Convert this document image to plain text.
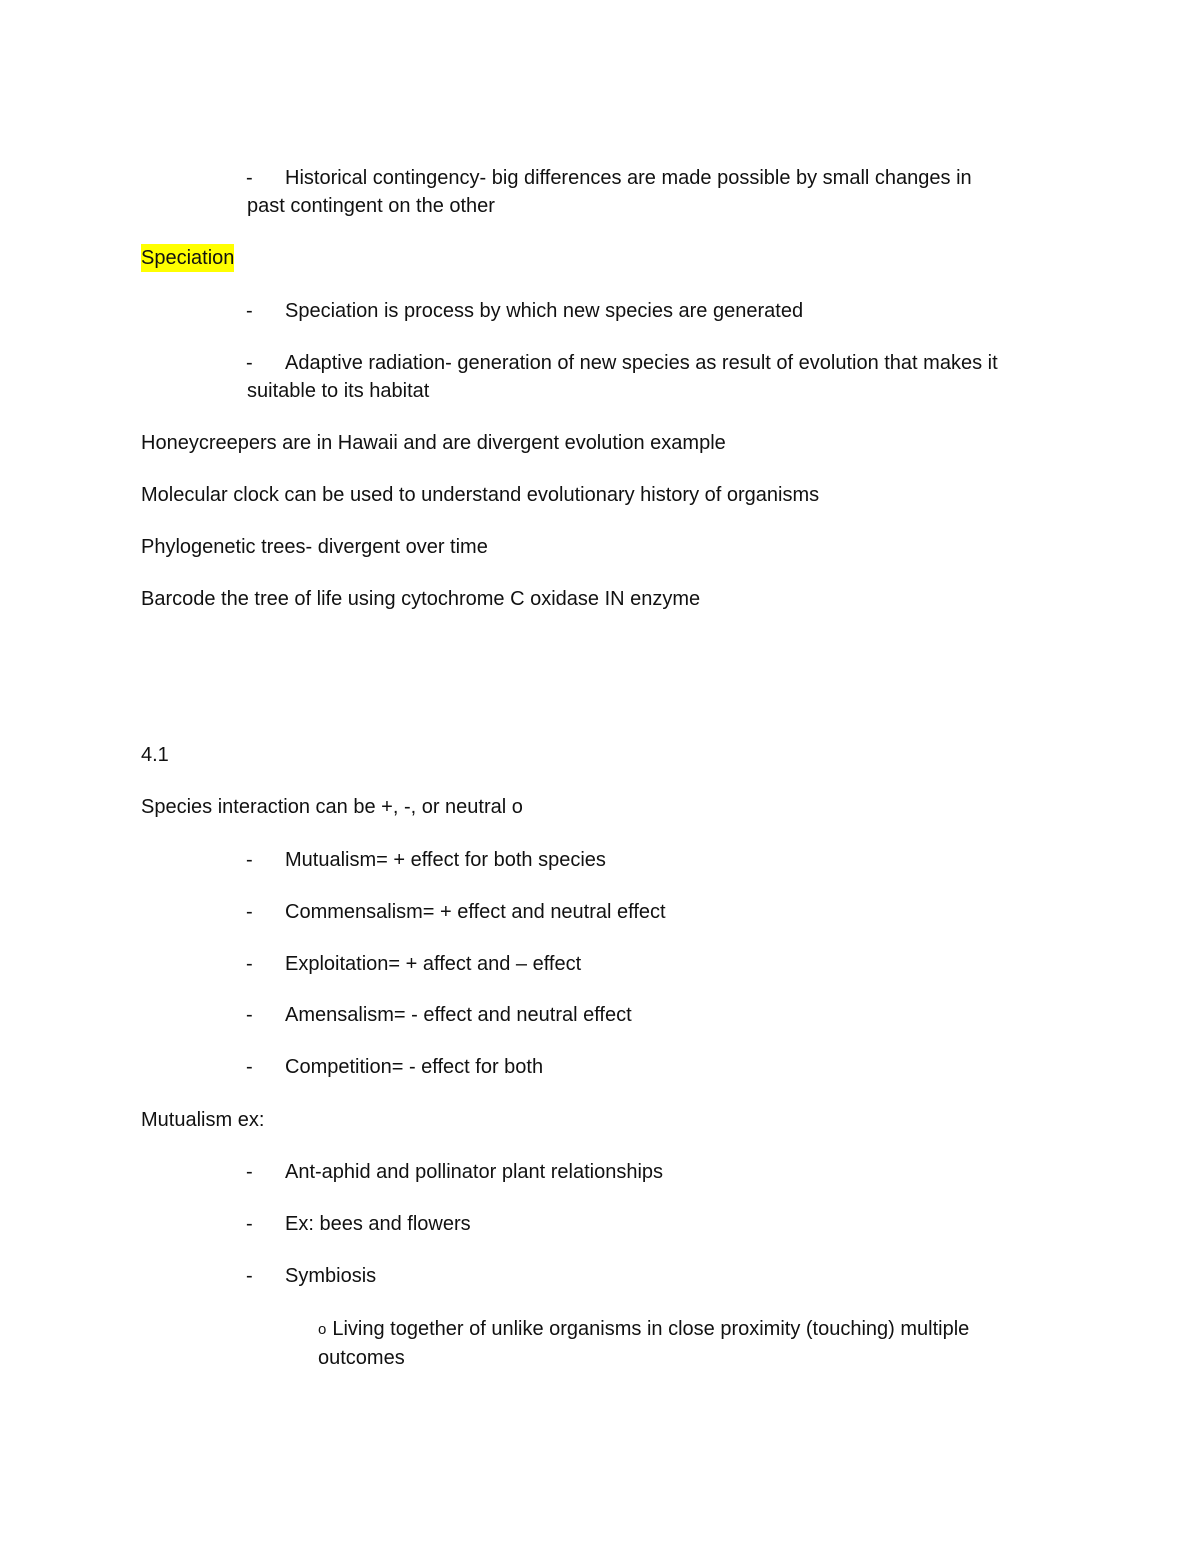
- Historical contingency- big differences are made possible by small changes in
past contingent on the other
Speciation
- Speciation is process by which new species are generated
- Adaptive radiation- generation of new species as result of evolution that makes it
suitable to its habitat
Honeycreepers are in Hawaii and are divergent evolution example
Molecular clock can be used to understand evolutionary history of organisms
Phylogenetic trees- divergent over time
Barcode the tree of life using cytochrome C oxidase IN enzyme
4.1
Species interaction can be +, -, or neutral o
- Mutualism= + effect for both species
- Commensalism= + effect and neutral effect
- Exploitation= + affect and – effect
- Amensalism= - effect and neutral effect
- Competition= - effect for both
Mutualism ex:
- Ant-aphid and pollinator plant relationships
- Ex: bees and flowers
- Symbiosis
o Living together of unlike organisms in close proximity (touching) multiple
outcomes
